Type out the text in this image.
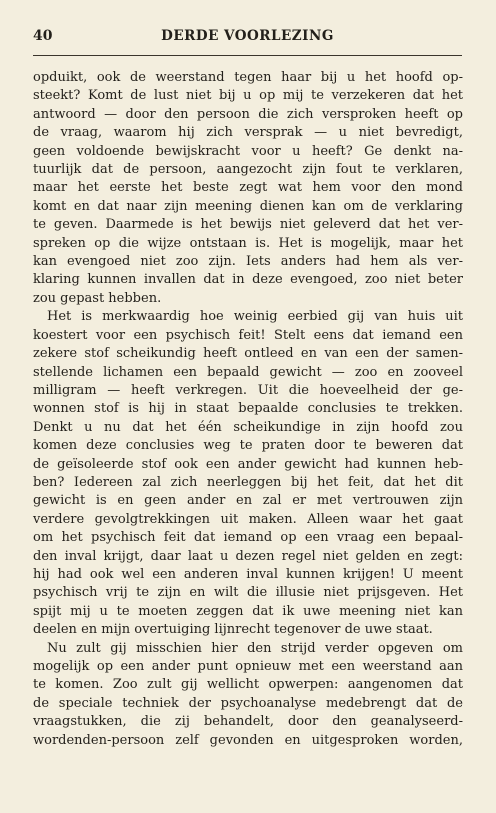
40	DERDE VOORLEZING
opduikt, ook de weerstand tegen haar bij u het hoofd op-
steekt? Komt de lust niet bij u op mij te verzekeren dat het
antwoord — door den persoon die zich versproken heeft op
de vraag, waarom hij zich versprak — u niet bevredigt,
geen voldoende bewijskracht voor u heeft? Ge denkt na-
tuurlijk dat de persoon, aangezocht zijn fout te verklaren,
maar het eerste het beste zegt wat hem voor den mond
komt en dat naar zijn meening dienen kan om de verklaring
te geven. Daarmede is het bewijs niet geleverd dat het ver-
spreken op die wijze ontstaan is. Het is mogelijk, maar het
kan evengoed niet zoo zijn. Iets anders had hem als ver-
klaring kunnen invallen dat in deze evengoed, zoo niet beter
zou gepast hebben.
Het is merkwaardig hoe weinig eerbied gij van huis uit
koestert voor een psychisch feit! Stelt eens dat iemand een
zekere stof scheikundig heeft ontleed en van een der samen-
stellende lichamen een bepaald gewicht — zoo en zooveel
milligram — heeft verkregen. Uit die hoeveelheid der ge-
wonnen stof is hij in staat bepaalde conclusies te trekken.
Denkt u nu dat het één scheikundige in zijn hoofd zou
komen deze conclusies weg te praten door te beweren dat
de geïsoleerde stof ook een ander gewicht had kunnen heb-
ben? Iedereen zal zich neerleggen bij het feit, dat het dit
gewicht is en geen ander en zal er met vertrouwen zijn
verdere gevolgtrekkingen uit maken. Alleen waar het gaat
om het psychisch feit dat iemand op een vraag een bepaal-
den inval krijgt, daar laat u dezen regel niet gelden en zegt:
hij had ook wel een anderen inval kunnen krijgen! U meent
psychisch vrij te zijn en wilt die illusie niet prijsgeven. Het
spijt mij u te moeten zeggen dat ik uwe meening niet kan
deelen en mijn overtuiging lijnrecht tegenover de uwe staat.
Nu zult gij misschien hier den strijd verder opgeven om
mogelijk op een ander punt opnieuw met een weerstand aan
te komen. Zoo zult gij wellicht opwerpen: aangenomen dat
de speciale techniek der psychoanalyse medebrengt dat de
vraagstukken, die zij behandelt, door den geanalyseerd-
wordenden-persoon zelf gevonden en uitgesproken worden,
